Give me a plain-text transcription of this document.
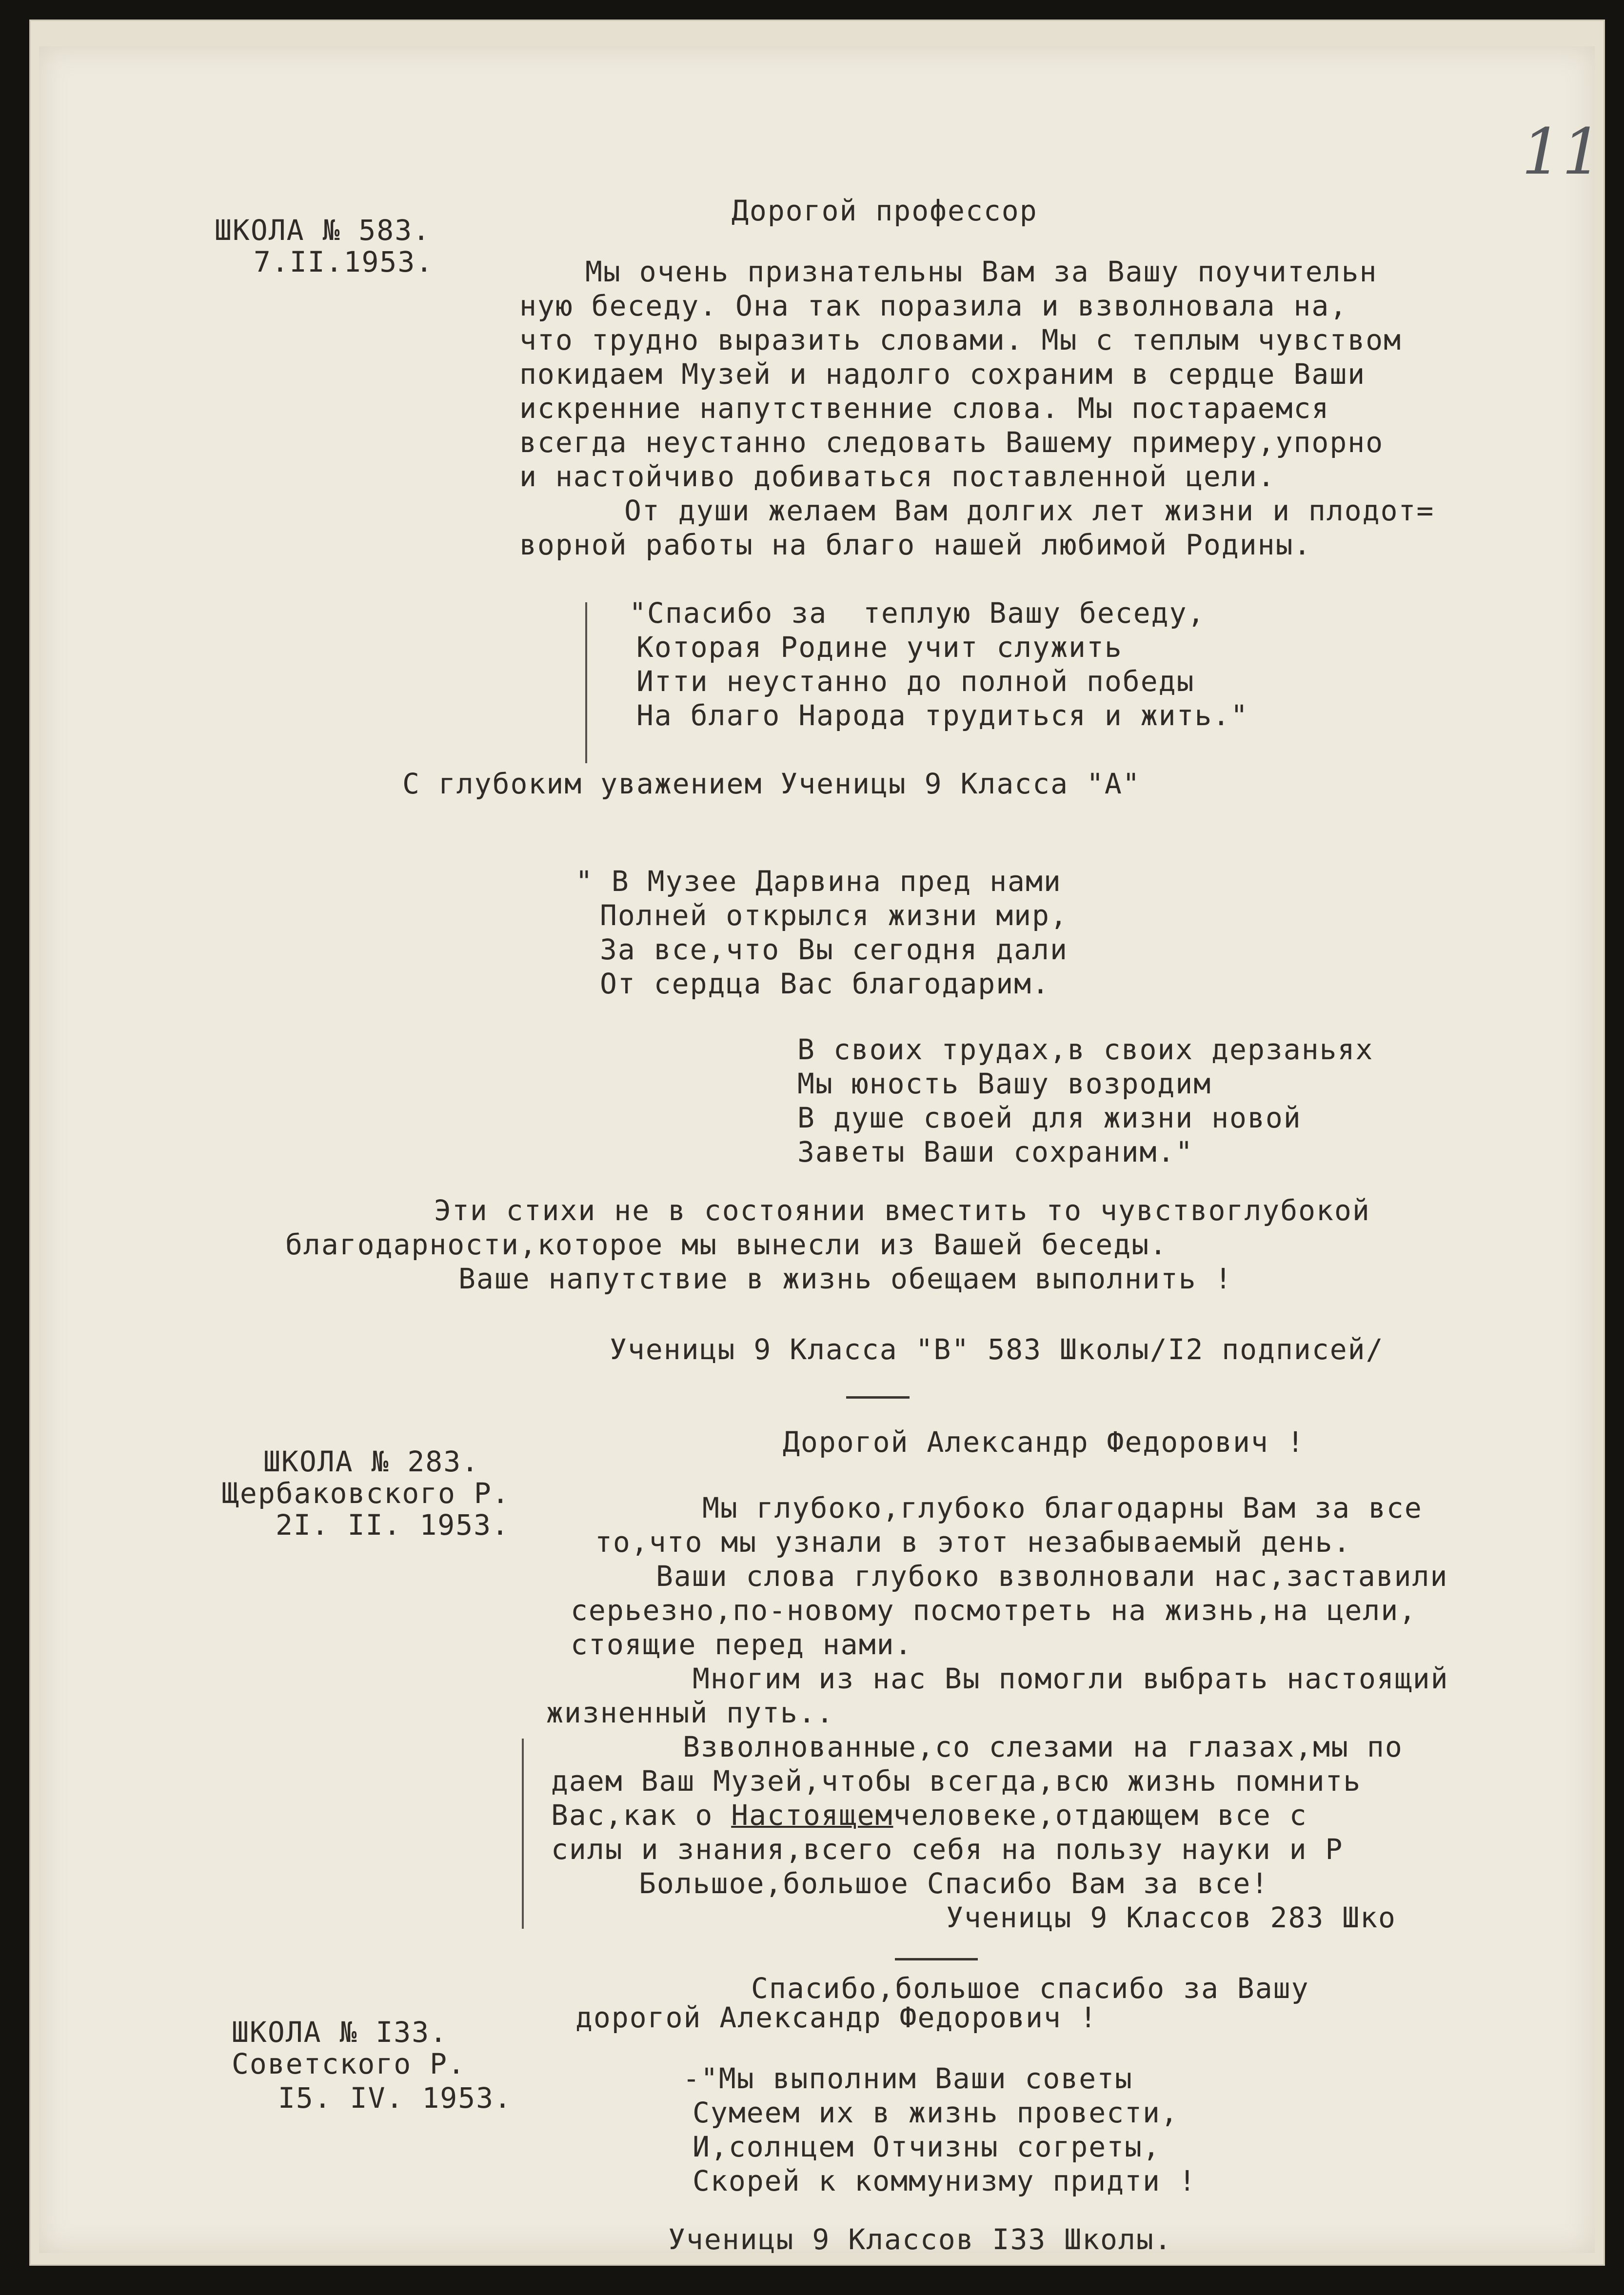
11
ШКОЛА № 583.
7.II.1953.
Дорогой профессор
Мы очень признательны Вам за Вашу поучительн
ную беседу. Она так поразила и взволновала на,
что трудно выразить словами. Мы с теплым чувством
покидаем Музей и надолго сохраним в сердце Ваши
искренние напутственние слова. Мы постараемся
всегда неустанно следовать Вашему примеру,упорно
и настойчиво добиваться поставленной цели.
От души желаем Вам долгих лет жизни и плодот=
ворной работы на благо нашей любимой Родины.
"Спасибо за  теплую Вашу беседу,
Которая Родине учит служить
Итти неустанно до полной победы
На благо Народа трудиться и жить."
С глубоким уважением Ученицы 9 Класса "А"
" В Музее Дарвина пред нами
Полней открылся жизни мир,
За все,что Вы сегодня дали
От сердца Вас благодарим.
В своих трудах,в своих дерзаньях
Мы юность Вашу возродим
В душе своей для жизни новой
Заветы Ваши сохраним."
Эти стихи не в состоянии вместить то чувствоглубокой
благодарности,которое мы вынесли из Вашей беседы.
Ваше напутствие в жизнь обещаем выполнить !
Ученицы 9 Класса "В" 583 Школы/I2 подписей/
ШКОЛА № 283.
Щербаковского Р.
2I. II. 1953.
Дорогой Александр Федорович !
Мы глубоко,глубоко благодарны Вам за все
то,что мы узнали в этот незабываемый день.
Ваши слова глубоко взволновали нас,заставили
серьезно,по-новому посмотреть на жизнь,на цели,
стоящие перед нами.
Многим из нас Вы помогли выбрать настоящий
жизненный путь..
Взволнованные,со слезами на глазах,мы по
даем Ваш Музей,чтобы всегда,всю жизнь помнить
Вас,как о Настоящемчеловеке,отдающем все с
силы и знания,всего себя на пользу науки и Р
Большое,большое Спасибо Вам за все!
Ученицы 9 Классов 283 Шко
Спасибо,большое спасибо за Вашу
ШКОЛА № I33.
Советского Р.
I5. IV. 1953.
дорогой Александр Федорович !
-"Мы выполним Ваши советы
Сумеем их в жизнь провести,
И,солнцем Отчизны согреты,
Скорей к коммунизму придти !
Ученицы 9 Классов I33 Школы.
